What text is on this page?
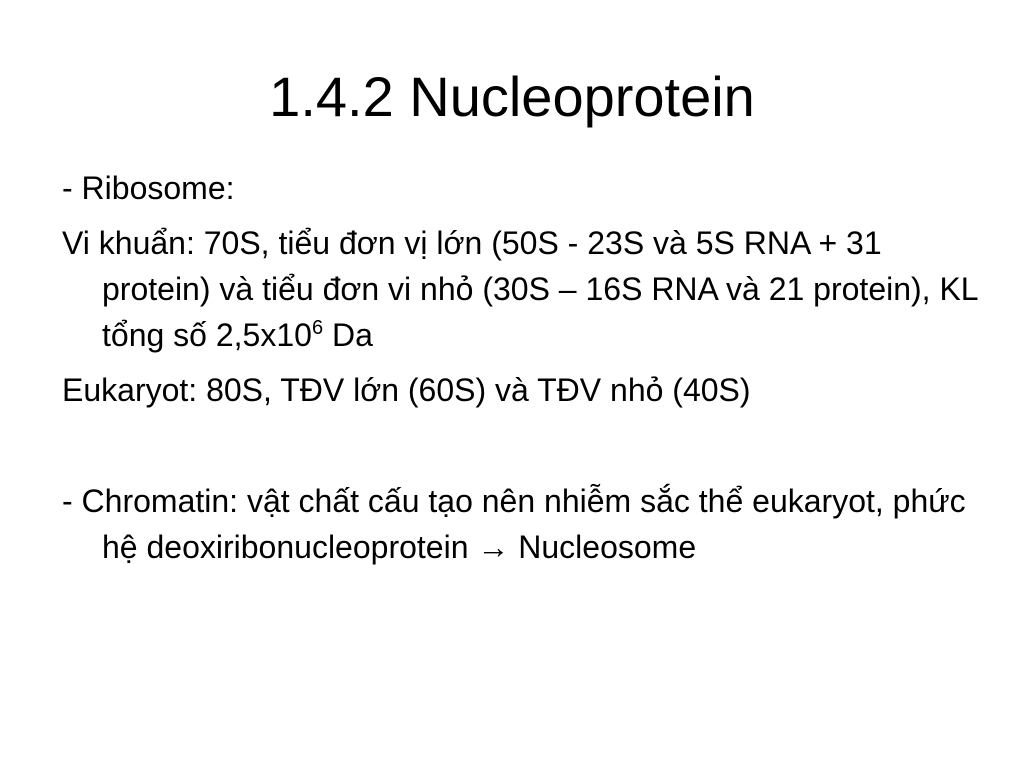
1.4.2 Nucleoprotein

- Ribosome:

Vi khuẩn: 70S, tiểu đơn vị lớn (50S - 23S và 5S RNA + 31 protein) và tiểu đơn vi nhỏ (30S – 16S RNA và 21 protein), KL tổng số $2,5x10^6$ Da

Eukaryot: 80S, TĐV lớn (60S) và TĐV nhỏ (40S)

- Chromatin: vật chất cấu tạo nên nhiễm sắc thể eukaryot, phức hệ deoxiribonucleoprotein → Nucleosome
